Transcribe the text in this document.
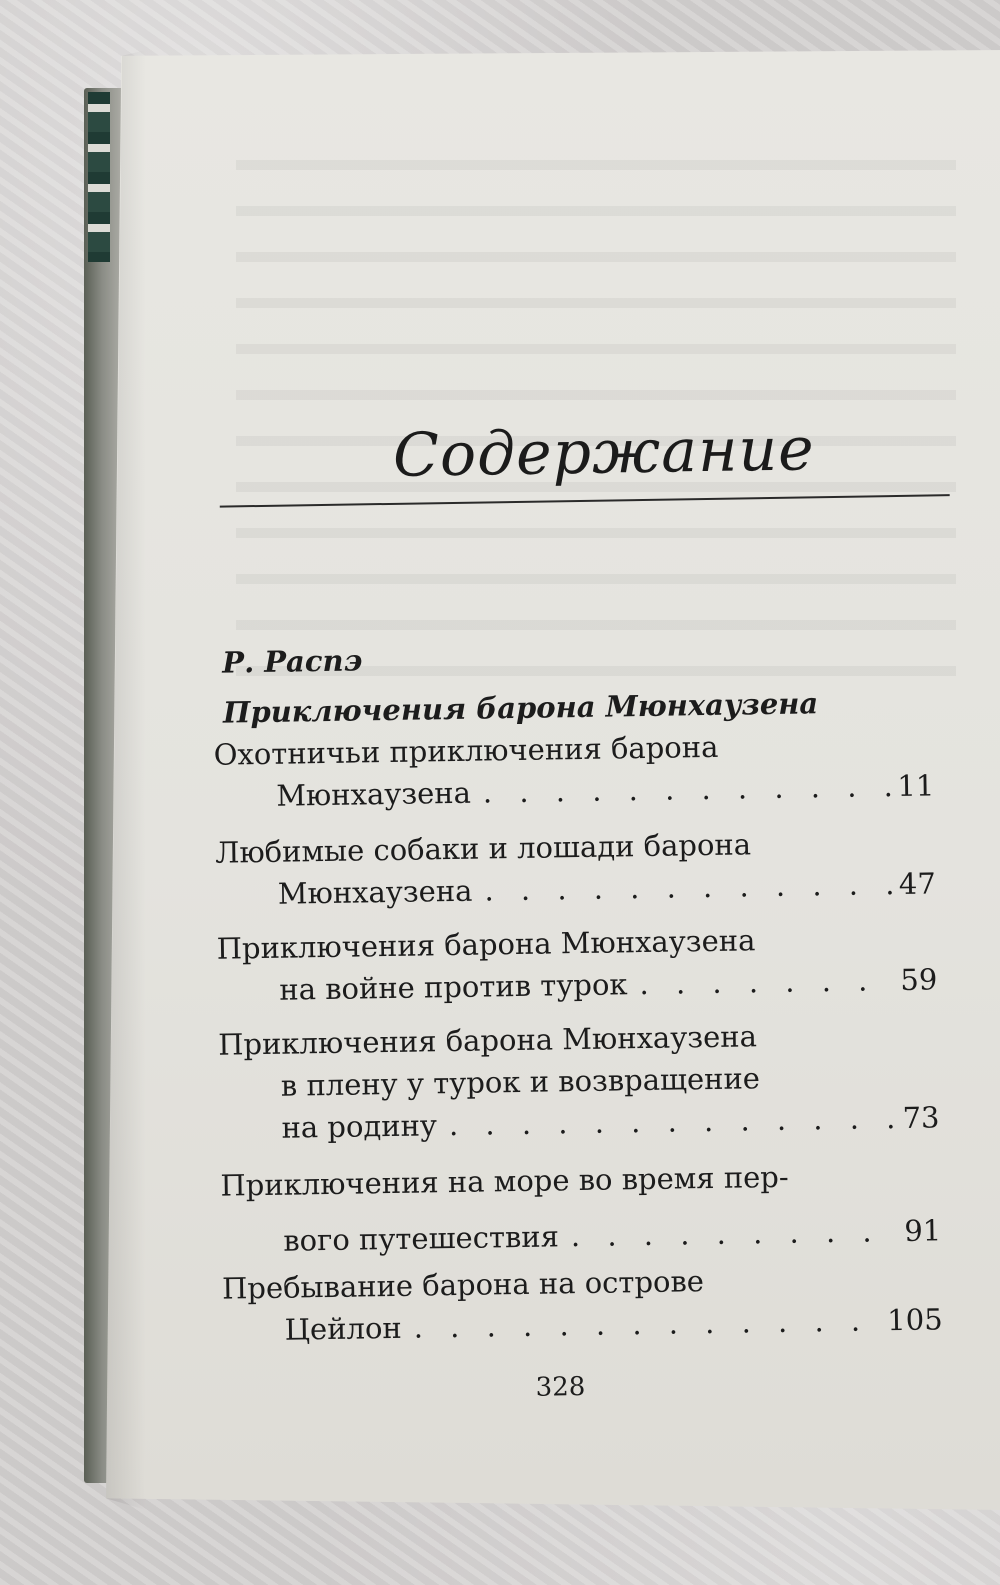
Содержание
Р. Распэ
Приключения барона Мюнхаузена
Охотничьи приключения барона
Мюнхаузена . . .	11
Любимые собаки и лошади барона
Мюнхаузена . . .	47
Приключения барона Мюнхаузена
на войне против турок . . .	59
Приключения барона Мюнхаузена
в плену у турок и возвращение
на родину . . .	73
Приключения на море во время пер-
вого путешествия . . .	91
Пребывание барона на острове
Цейлон . . .	105
328
